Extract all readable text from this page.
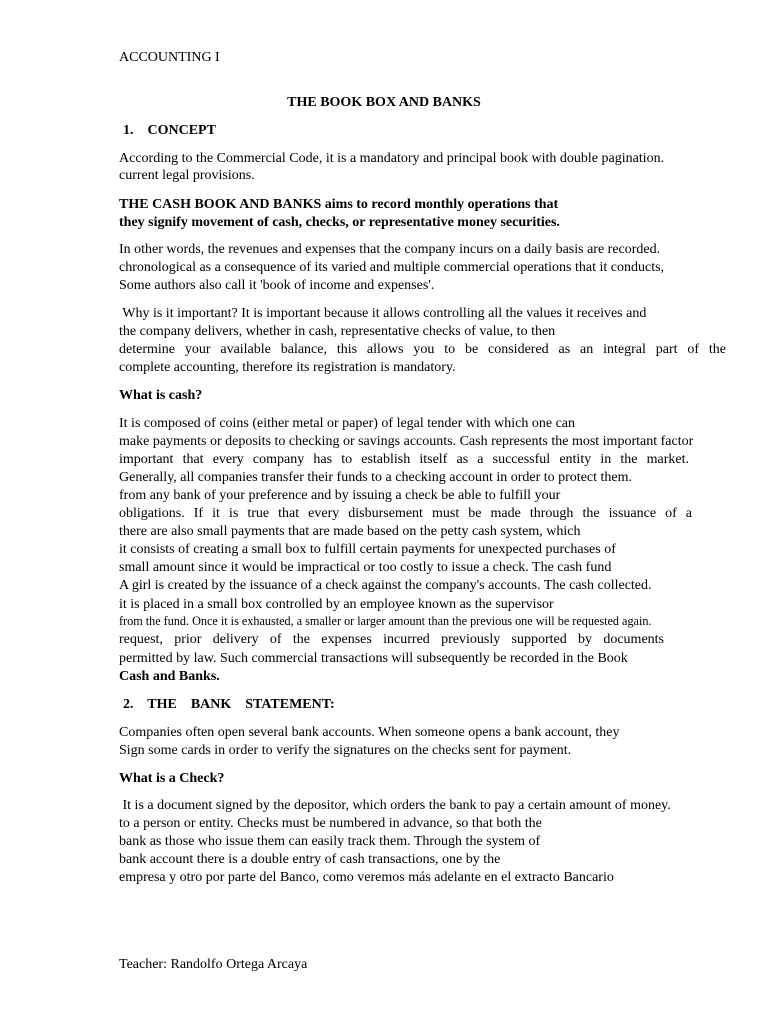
ACCOUNTING I
THE BOOK BOX AND BANKS
1.    CONCEPT
According to the Commercial Code, it is a mandatory and principal book with double pagination.
current legal provisions.
THE CASH BOOK AND BANKS aims to record monthly operations that
they signify movement of cash, checks, or representative money securities.
In other words, the revenues and expenses that the company incurs on a daily basis are recorded.
chronological as a consequence of its varied and multiple commercial operations that it conducts,
Some authors also call it 'book of income and expenses'.
Why is it important? It is important because it allows controlling all the values it receives and
the company delivers, whether in cash, representative checks of value, to then
determine your available balance, this allows you to be considered as an integral part of the
complete accounting, therefore its registration is mandatory.
What is cash?
It is composed of coins (either metal or paper) of legal tender with which one can
make payments or deposits to checking or savings accounts. Cash represents the most important factor
important that every company has to establish itself as a successful entity in the market.
Generally, all companies transfer their funds to a checking account in order to protect them.
from any bank of your preference and by issuing a check be able to fulfill your
obligations. If it is true that every disbursement must be made through the issuance of a
there are also small payments that are made based on the petty cash system, which
it consists of creating a small box to fulfill certain payments for unexpected purchases of
small amount since it would be impractical or too costly to issue a check. The cash fund
A girl is created by the issuance of a check against the company's accounts. The cash collected.
it is placed in a small box controlled by an employee known as the supervisor
from the fund. Once it is exhausted, a smaller or larger amount than the previous one will be requested again.
request, prior delivery of the expenses incurred previously supported by documents
permitted by law. Such commercial transactions will subsequently be recorded in the Book
Cash and Banks.
2.    THE    BANK    STATEMENT:
Companies often open several bank accounts. When someone opens a bank account, they
Sign some cards in order to verify the signatures on the checks sent for payment.
What is a Check?
It is a document signed by the depositor, which orders the bank to pay a certain amount of money.
to a person or entity. Checks must be numbered in advance, so that both the
bank as those who issue them can easily track them. Through the system of
bank account there is a double entry of cash transactions, one by the
empresa y otro por parte del Banco, como veremos más adelante en el extracto Bancario
Teacher: Randolfo Ortega Arcaya
